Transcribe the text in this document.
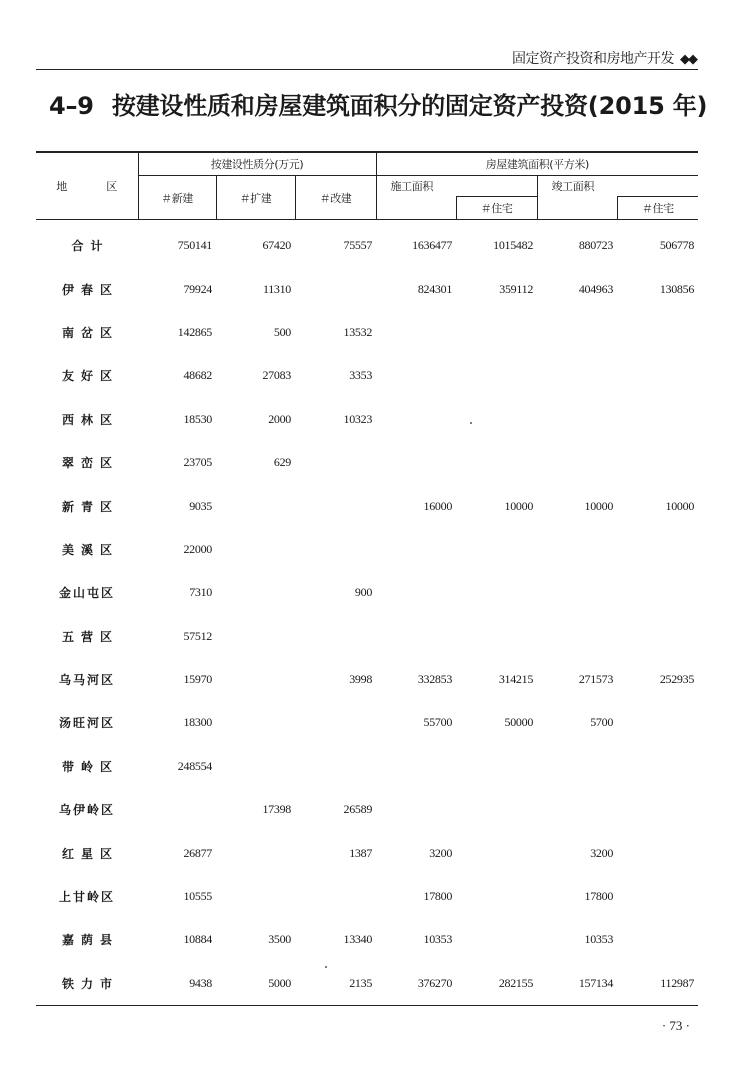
固定资产投资和房地产开发 ◆◆
4–9 按建设性质和房屋建筑面积分的固定资产投资(2015 年)
地　区	按建设性质分(万元)			房屋建筑面积(平方米)			
	＃新建	＃扩建	＃改建	施工面积		竣工面积	
					＃住宅		＃住宅
合计	750141	67420	75557	1636477	1015482	880723	506778
伊春区	79924	11310		824301	359112	404963	130856
南岔区	142865	500	13532				
友好区	48682	27083	3353				
西林区	18530	2000	10323				
翠峦区	23705	629					
新青区	9035			16000	10000	10000	10000
美溪区	22000						
金山屯区	7310		900				
五营区	57512						
乌马河区	15970		3998	332853	314215	271573	252935
汤旺河区	18300			55700	50000	5700	
带岭区	248554						
乌伊岭区		17398	26589				
红星区	26877		1387	3200		3200	
上甘岭区	10555			17800		17800	
嘉荫县	10884	3500	13340	10353		10353	
铁力市	9438	5000	2135	376270	282155	157134	112987
· 73 ·
